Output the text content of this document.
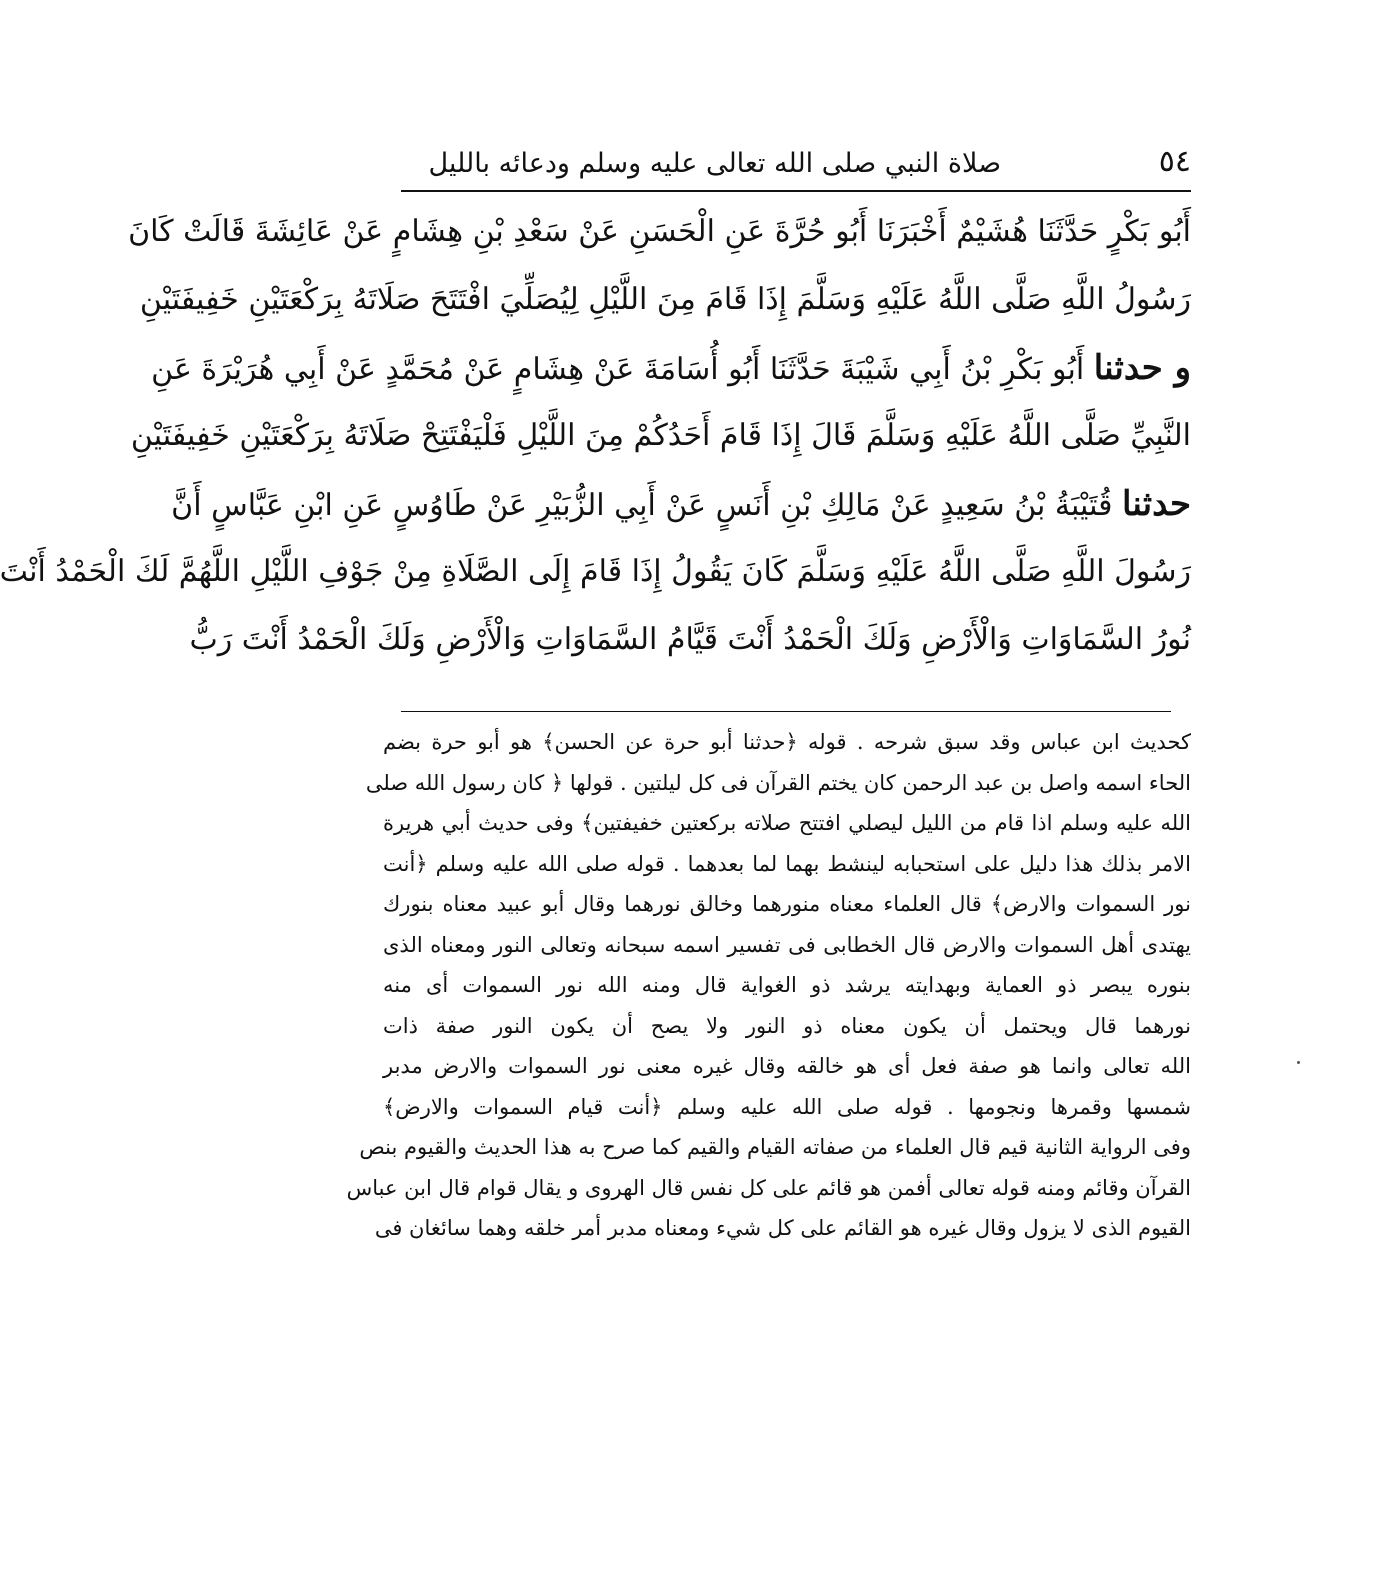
٥٤
صلاة النبي صلى الله تعالى عليه وسلم ودعائه بالليل
أَبُو بَكْرٍ حَدَّثَنَا هُشَيْمٌ أَخْبَرَنَا أَبُو حُرَّةَ عَنِ الْحَسَنِ عَنْ سَعْدِ بْنِ هِشَامٍ عَنْ عَائِشَةَ قَالَتْ كَانَ
رَسُولُ اللَّهِ صَلَّى اللَّهُ عَلَيْهِ وَسَلَّمَ إِذَا قَامَ مِنَ اللَّيْلِ لِيُصَلِّيَ افْتَتَحَ صَلَاتَهُ بِرَكْعَتَيْنِ خَفِيفَتَيْنِ
و حدثنا أَبُو بَكْرِ بْنُ أَبِي شَيْبَةَ حَدَّثَنَا أَبُو أُسَامَةَ عَنْ هِشَامٍ عَنْ مُحَمَّدٍ عَنْ أَبِي هُرَيْرَةَ عَنِ
النَّبِيِّ صَلَّى اللَّهُ عَلَيْهِ وَسَلَّمَ قَالَ إِذَا قَامَ أَحَدُكُمْ مِنَ اللَّيْلِ فَلْيَفْتَتِحْ صَلَاتَهُ بِرَكْعَتَيْنِ خَفِيفَتَيْنِ
حدثنا قُتَيْبَةُ بْنُ سَعِيدٍ عَنْ مَالِكِ بْنِ أَنَسٍ عَنْ أَبِي الزُّبَيْرِ عَنْ طَاوُسٍ عَنِ ابْنِ عَبَّاسٍ أَنَّ
رَسُولَ اللَّهِ صَلَّى اللَّهُ عَلَيْهِ وَسَلَّمَ كَانَ يَقُولُ إِذَا قَامَ إِلَى الصَّلَاةِ مِنْ جَوْفِ اللَّيْلِ اللَّهُمَّ لَكَ الْحَمْدُ أَنْتَ
نُورُ السَّمَاوَاتِ وَالْأَرْضِ وَلَكَ الْحَمْدُ أَنْتَ قَيَّامُ السَّمَاوَاتِ وَالْأَرْضِ وَلَكَ الْحَمْدُ أَنْتَ رَبُّ
كحديث ابن عباس وقد سبق شرحه . قوله ﴿حدثنا أبو حرة عن الحسن﴾ هو أبو حرة بضم
الحاء اسمه واصل بن عبد الرحمن كان يختم القرآن فى كل ليلتين . قولها ﴿ كان رسول الله صلى
الله عليه وسلم اذا قام من الليل ليصلي افتتح صلاته بركعتين خفيفتين﴾ وفى حديث أبي هريرة
الامر بذلك هذا دليل على استحبابه لينشط بهما لما بعدهما . قوله صلى الله عليه وسلم ﴿أنت
نور السموات والارض﴾ قال العلماء معناه منورهما وخالق نورهما وقال أبو عبيد معناه بنورك
يهتدى أهل السموات والارض قال الخطابى فى تفسير اسمه سبحانه وتعالى النور ومعناه الذى
بنوره يبصر ذو العماية وبهدايته يرشد ذو الغواية قال ومنه الله نور السموات أى منه
نورهما قال ويحتمل أن يكون معناه ذو النور ولا يصح أن يكون النور صفة ذات
الله تعالى وانما هو صفة فعل أى هو خالقه وقال غيره معنى نور السموات والارض مدبر
شمسها وقمرها ونجومها . قوله صلى الله عليه وسلم ﴿أنت قيام السموات والارض﴾
وفى الرواية الثانية قيم قال العلماء من صفاته القيام والقيم كما صرح به هذا الحديث والقيوم بنص
القرآن وقائم ومنه قوله تعالى أفمن هو قائم على كل نفس قال الهروى و يقال قوام قال ابن عباس
القيوم الذى لا يزول وقال غيره هو القائم على كل شيء ومعناه مدبر أمر خلقه وهما سائغان فى
